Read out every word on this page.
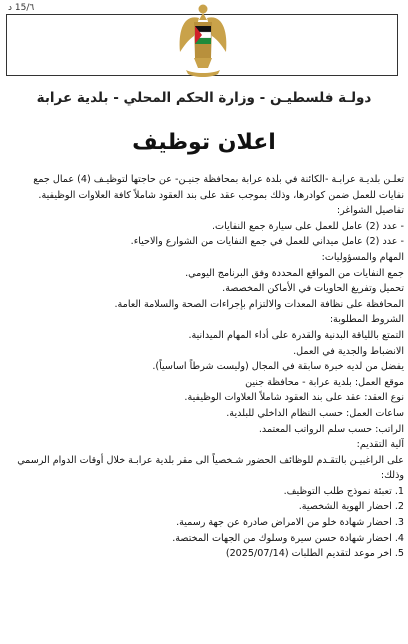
٦/15 د
دولـة فلسطيـن - وزارة الحكم المحلي - بلدية عرابة
اعلان توظيف

تعلـن بلديـة عرابـة -الكائنة في بلدة عرابة بمحافظة جنيـن- عن حاجتها لتوظيـف (4) عمال جمع نفايات للعمل ضمن كوادرها، وذلك بموجب عقد على بند العقود شاملاً كافة العلاوات الوظيفية.

تفاصيل الشواغر:

- عدد (2) عامل للعمل على سيارة جمع النفايات.

- عدد (2) عامل ميداني للعمل في جمع النفايات من الشوارع والاحياء.

المهام والمسؤوليات:

جمع النفايات من المواقع المحددة وفق البرنامج اليومي.

تحميل وتفريغ الحاويات في الأماكن المخصصة.

المحافظة على نظافة المعدات والالتزام بإجراءات الصحة والسلامة العامة.

الشروط المطلوبة:

التمتع باللياقة البدنية والقدرة على أداء المهام الميدانية.

الانضباط والجدية في العمل.

يفضل من لديه خبرة سابقة في المجال (وليست شرطاً اساسياً).

موقع العمل: بلدية عرابة - محافظة جنين

نوع العقد: عقد على بند العقود شاملاً العلاوات الوظيفية.

ساعات العمل: حسب النظام الداخلي للبلدية.

الراتب: حسب سلم الرواتب المعتمد.

آلية التقديم:

على الراغبيـن بالتقـدم للوظائف الحضور شـخصياً الى مقر بلدية عرابـة خلال أوقات الدوام الرسمي وذلك:

1. تعبئة نموذج طلب التوظيف.

2. احضار الهوية الشخصية.

3. احضار شهادة خلو من الامراض صادرة عن جهة رسمية.

4. احضار شهادة حسن سيرة وسلوك من الجهات المختصة.

5. اخر موعد لتقديم الطلبات (2025/07/14)
